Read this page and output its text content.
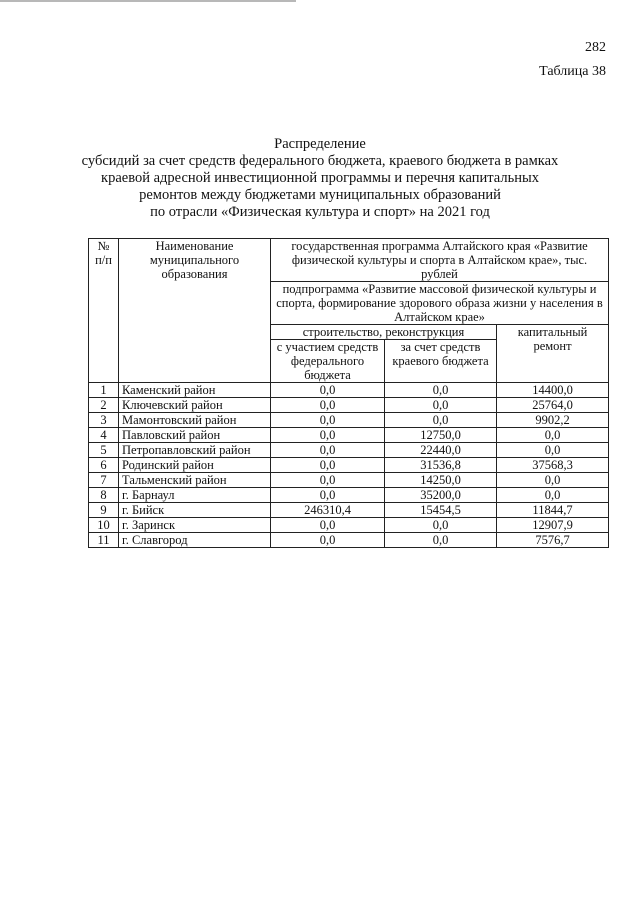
282
Таблица 38
Распределение
субсидий за счет средств федерального бюджета, краевого бюджета в рамках
краевой адресной инвестиционной программы и перечня капитальных
ремонтов между бюджетами муниципальных образований
по отрасли «Физическая культура и спорт» на 2021 год
№ п/п	Наименование муниципального образования	государственная программа Алтайского края «Развитие физической культуры и спорта в Алтайском крае», тыс. рублей		
		подпрограмма «Развитие массовой физической культуры и спорта, формирование здорового образа жизни у населения в Алтайском крае»		
		строительство, реконструкция		капитальный ремонт
		с участием средств федерального бюджета	за счет средств краевого бюджета	
1	Каменский район	0,0	0,0	14400,0
2	Ключевский район	0,0	0,0	25764,0
3	Мамонтовский район	0,0	0,0	9902,2
4	Павловский район	0,0	12750,0	0,0
5	Петропавловский район	0,0	22440,0	0,0
6	Родинский район	0,0	31536,8	37568,3
7	Тальменский район	0,0	14250,0	0,0
8	г. Барнаул	0,0	35200,0	0,0
9	г. Бийск	246310,4	15454,5	11844,7
10	г. Заринск	0,0	0,0	12907,9
11	г. Славгород	0,0	0,0	7576,7
